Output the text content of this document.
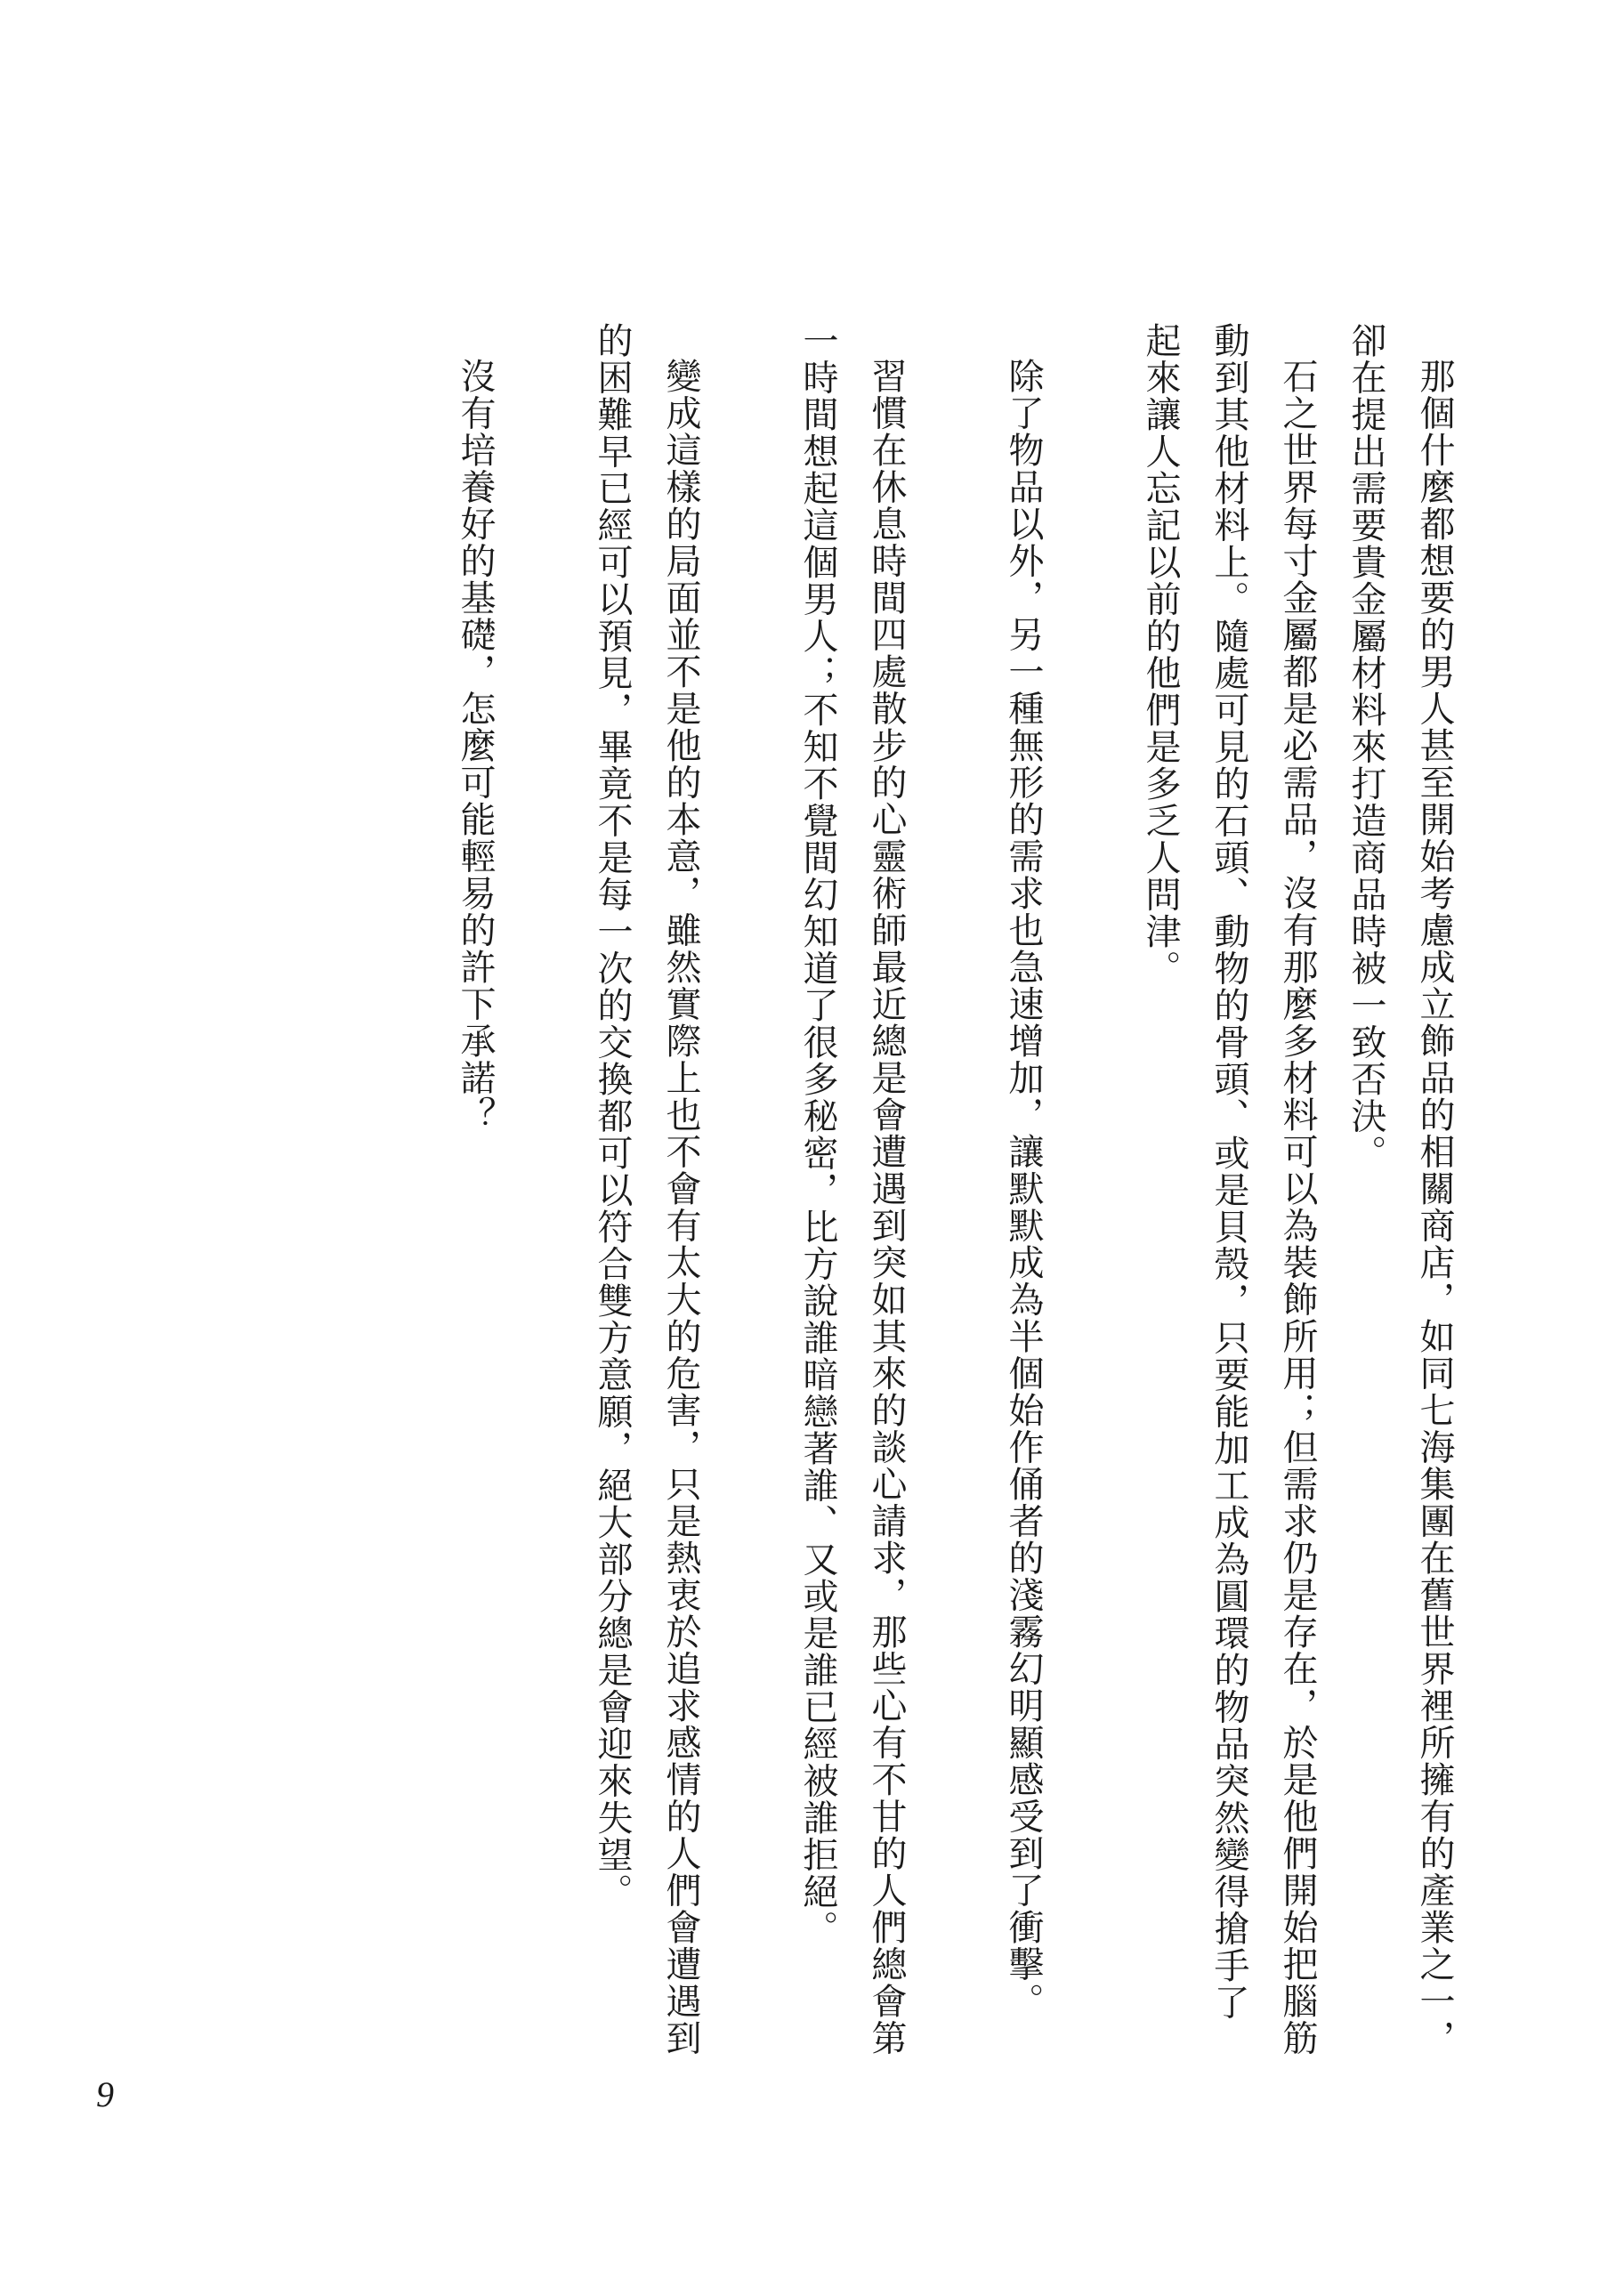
那個什麼都想要的男人甚至開始考慮成立飾品的相關商店，如同七海集團在舊世界裡所擁有的產業之一，卻在提出需要貴金屬材料來打造商品時被一致否決。

石之世界每寸金屬都是必需品，沒有那麼多材料可以為裝飾所用；但需求仍是存在，於是他們開始把腦筋動到其他材料上。隨處可見的石頭、動物的骨頭、或是貝殼，只要能加工成為圓環的物品突然變得搶手了起來讓人忘記以前的他們是多乏人問津。

除了物品以外，另一種無形的需求也急速增加，讓默默成為半個始作俑者的淺霧幻明顯感受到了衝擊。

習慣在休息時間四處散步的心靈術師最近總是會遭遇到突如其來的談心請求，那些心有不甘的人們總會第一時間想起這個男人；不知不覺間幻知道了很多秘密，比方說誰暗戀著誰、又或是誰已經被誰拒絕。

變成這樣的局面並不是他的本意，雖然實際上也不會有太大的危害，只是熱衷於追求感情的人們會遭遇到的困難早已經可以預見，畢竟不是每一次的交換都可以符合雙方意願，絕大部分總是會迎來失望。

沒有培養好的基礎，怎麼可能輕易的許下承諾？

9
